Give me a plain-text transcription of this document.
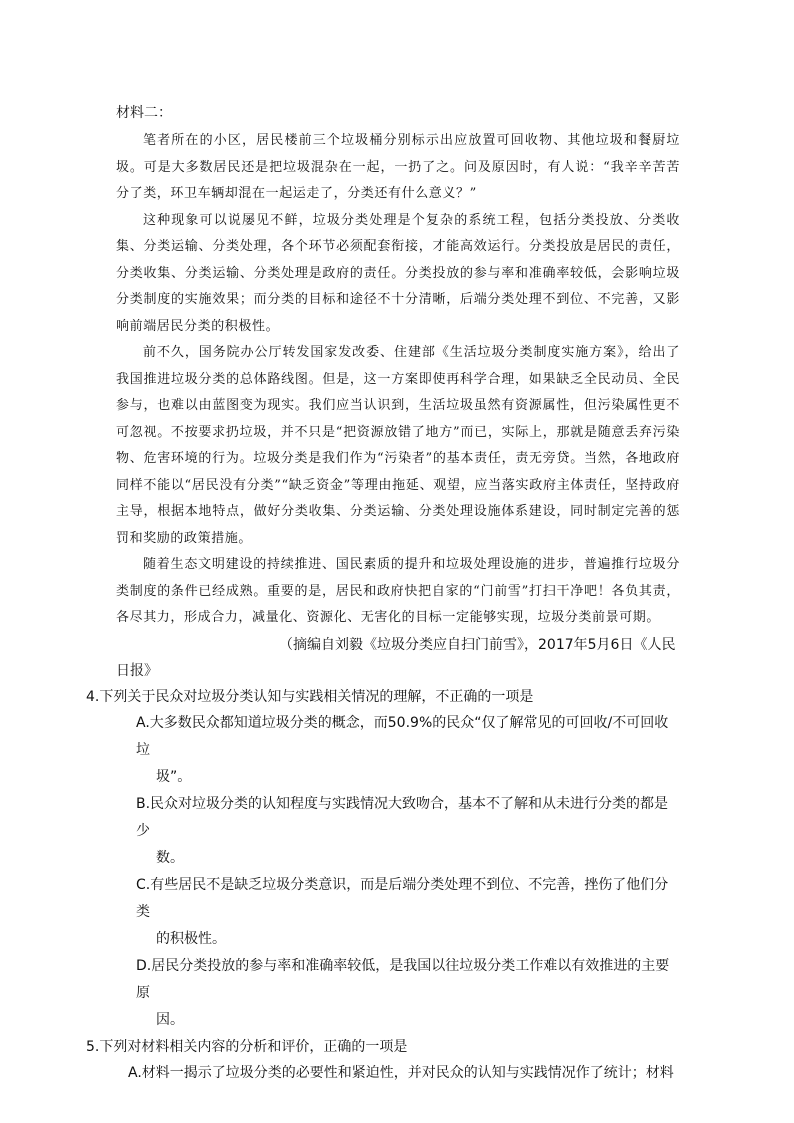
材料二：

笔者所在的小区，居民楼前三个垃圾桶分别标示出应放置可回收物、其他垃圾和餐厨垃圾。可是大多数居民还是把垃圾混杂在一起，一扔了之。问及原因时，有人说：“我辛辛苦苦分了类，环卫车辆却混在一起运走了，分类还有什么意义？”

这种现象可以说屡见不鲜，垃圾分类处理是个复杂的系统工程，包括分类投放、分类收集、分类运输、分类处理，各个环节必须配套衔接，才能高效运行。分类投放是居民的责任，分类收集、分类运输、分类处理是政府的责任。分类投放的参与率和准确率较低，会影响垃圾分类制度的实施效果；而分类的目标和途径不十分清晰，后端分类处理不到位、不完善，又影响前端居民分类的积极性。

前不久，国务院办公厅转发国家发改委、住建部《生活垃圾分类制度实施方案》，给出了我国推进垃圾分类的总体路线图。但是，这一方案即使再科学合理，如果缺乏全民动员、全民参与，也难以由蓝图变为现实。我们应当认识到，生活垃圾虽然有资源属性，但污染属性更不可忽视。不按要求扔垃圾，并不只是“把资源放错了地方”而已，实际上，那就是随意丢弃污染物、危害环境的行为。垃圾分类是我们作为“污染者”的基本责任，责无旁贷。当然，各地政府同样不能以“居民没有分类”“缺乏资金”等理由拖延、观望，应当落实政府主体责任，坚持政府主导，根据本地特点，做好分类收集、分类运输、分类处理设施体系建设，同时制定完善的惩罚和奖励的政策措施。

随着生态文明建设的持续推进、国民素质的提升和垃圾处理设施的进步，普遍推行垃圾分类制度的条件已经成熟。重要的是，居民和政府快把自家的“门前雪”打扫干净吧！各负其责，各尽其力，形成合力，减量化、资源化、无害化的目标一定能够实现，垃圾分类前景可期。

（摘编自刘毅《垃圾分类应自扫门前雪》，2017年5月6日《人民日报》

4.下列关于民众对垃圾分类认知与实践相关情况的理解，不正确的一项是

A.大多数民众都知道垃圾分类的概念，而50.9%的民众“仅了解常见的可回收/不可回收垃
圾”。
B.民众对垃圾分类的认知程度与实践情况大致吻合，基本不了解和从未进行分类的都是少
数。
C.有些居民不是缺乏垃圾分类意识，而是后端分类处理不到位、不完善，挫伤了他们分类
的积极性。
D.居民分类投放的参与率和准确率较低，是我国以往垃圾分类工作难以有效推进的主要原
因。

5.下列对材料相关内容的分析和评价，正确的一项是

A.材料一揭示了垃圾分类的必要性和紧迫性，并对民众的认知与实践情况作了统计；材料
